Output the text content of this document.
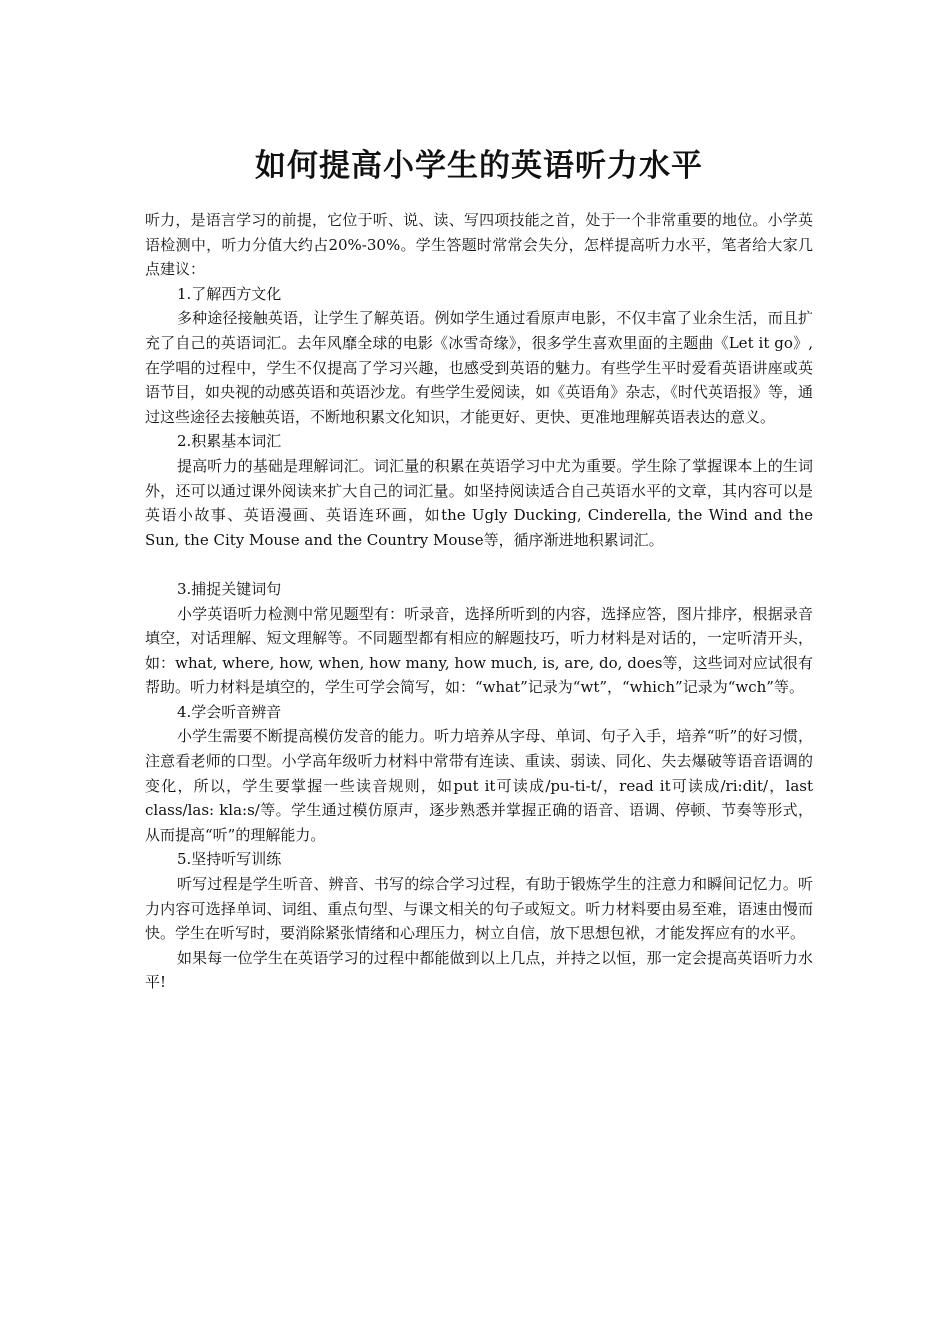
如何提高小学生的英语听力水平

听力，是语言学习的前提，它位于听、说、读、写四项技能之首，处于一个非常重要的地位。小学英语检测中，听力分值大约占20%-30%。学生答题时常常会失分，怎样提高听力水平，笔者给大家几点建议：

1.了解西方文化

多种途径接触英语，让学生了解英语。例如学生通过看原声电影，不仅丰富了业余生活，而且扩充了自己的英语词汇。去年风靡全球的电影《冰雪奇缘》，很多学生喜欢里面的主题曲《Let it go》,在学唱的过程中，学生不仅提高了学习兴趣，也感受到英语的魅力。有些学生平时爱看英语讲座或英语节目，如央视的动感英语和英语沙龙。有些学生爱阅读，如《英语角》杂志，《时代英语报》等，通过这些途径去接触英语，不断地积累文化知识，才能更好、更快、更准地理解英语表达的意义。

2.积累基本词汇

提高听力的基础是理解词汇。词汇量的积累在英语学习中尤为重要。学生除了掌握课本上的生词外，还可以通过课外阅读来扩大自己的词汇量。如坚持阅读适合自己英语水平的文章，其内容可以是英语小故事、英语漫画、英语连环画，如the Ugly Ducking, Cinderella, the Wind and the Sun, the City Mouse and the Country Mouse等，循序渐进地积累词汇。

3.捕捉关键词句

小学英语听力检测中常见题型有：听录音，选择所听到的内容，选择应答，图片排序，根据录音填空，对话理解、短文理解等。不同题型都有相应的解题技巧，听力材料是对话的，一定听清开头，如：what, where, how, when, how many, how much, is, are, do, does等，这些词对应试很有帮助。听力材料是填空的，学生可学会简写，如：“what”记录为“wt”，“which”记录为“wch”等。

4.学会听音辨音

小学生需要不断提高模仿发音的能力。听力培养从字母、单词、句子入手，培养“听”的好习惯，注意看老师的口型。小学高年级听力材料中常带有连读、重读、弱读、同化、失去爆破等语音语调的变化，所以，学生要掌握一些读音规则，如put it可读成/pu-ti-t/，read it可读成/ri:dit/，last class/las: kla:s/等。学生通过模仿原声，逐步熟悉并掌握正确的语音、语调、停顿、节奏等形式，从而提高“听”的理解能力。

5.坚持听写训练

听写过程是学生听音、辨音、书写的综合学习过程，有助于锻炼学生的注意力和瞬间记忆力。听力内容可选择单词、词组、重点句型、与课文相关的句子或短文。听力材料要由易至难，语速由慢而快。学生在听写时，要消除紧张情绪和心理压力，树立自信，放下思想包袱，才能发挥应有的水平。

如果每一位学生在英语学习的过程中都能做到以上几点，并持之以恒，那一定会提高英语听力水平!
